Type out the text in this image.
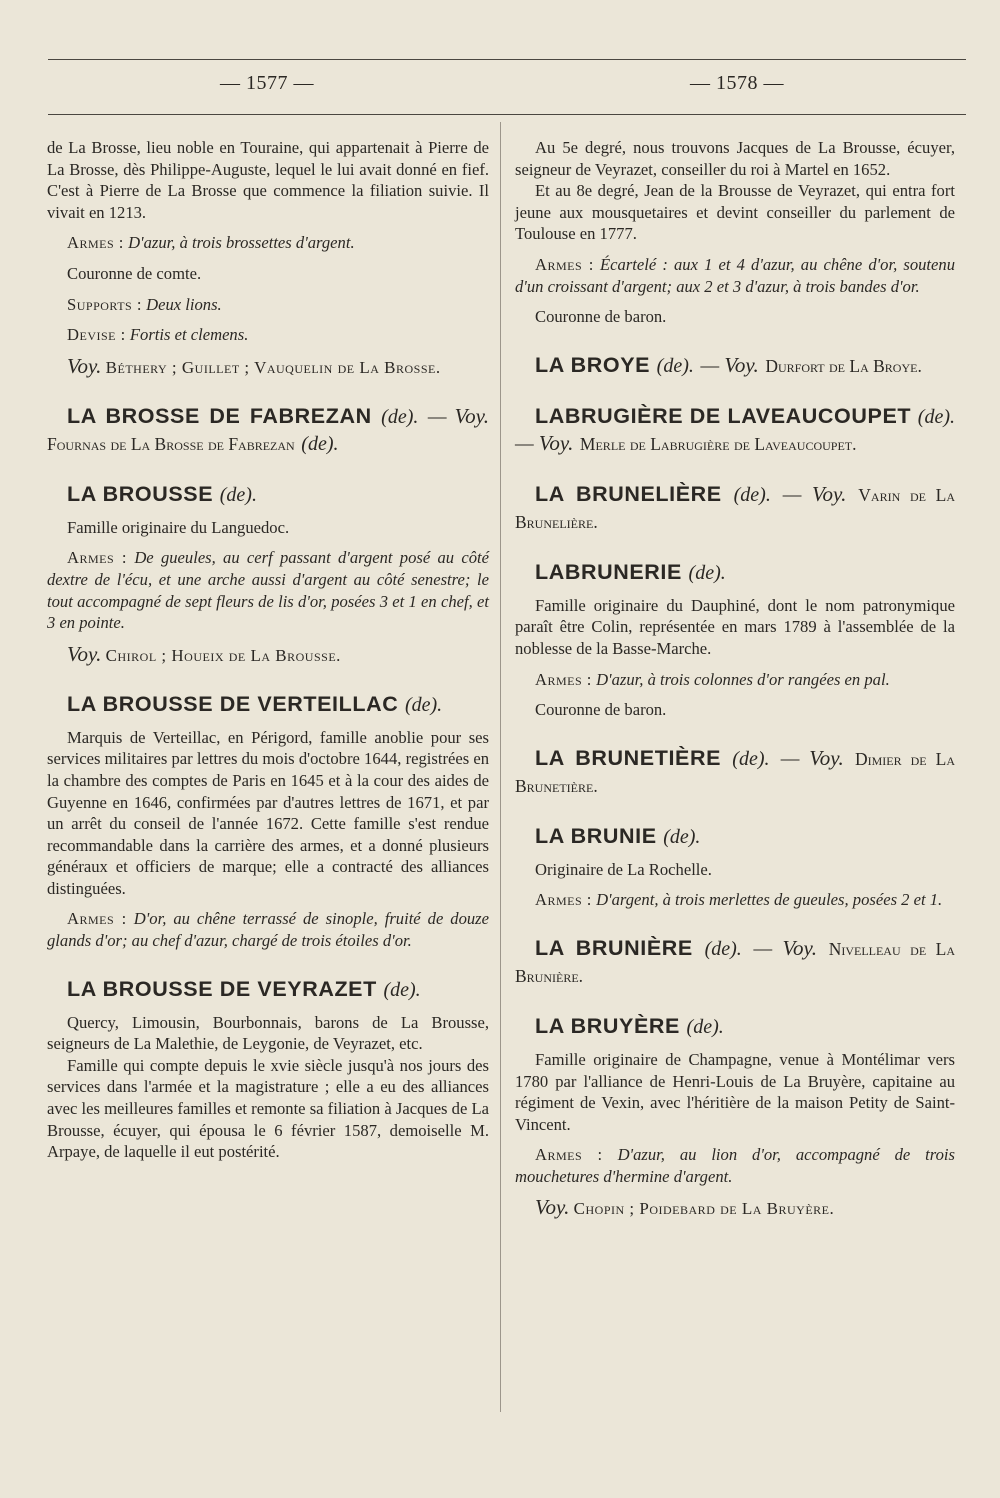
— 1577 —	— 1578 —

de La Brosse, lieu noble en Touraine, qui appartenait à Pierre de La Brosse, dès Philippe-Auguste, lequel le lui avait donné en fief. C'est à Pierre de La Brosse que commence la filiation suivie. Il vivait en 1213.

Armes : D'azur, à trois brossettes d'argent.

Couronne de comte.

Supports : Deux lions.

Devise : Fortis et clemens.

Voy. Béthery ; Guillet ; Vauquelin de La Brosse.

LA BROSSE DE FABREZAN (de). — Voy. Fournas de La Brosse de Fabrezan (de).

LA BROUSSE (de).

Famille originaire du Languedoc.

Armes : De gueules, au cerf passant d'argent posé au côté dextre de l'écu, et une arche aussi d'argent au côté senestre; le tout accompagné de sept fleurs de lis d'or, posées 3 et 1 en chef, et 3 en pointe.

Voy. Chirol ; Houeix de La Brousse.

LA BROUSSE DE VERTEILLAC (de).

Marquis de Verteillac, en Périgord, famille anoblie pour ses services militaires par lettres du mois d'octobre 1644, registrées en la chambre des comptes de Paris en 1645 et à la cour des aides de Guyenne en 1646, confirmées par d'autres lettres de 1671, et par un arrêt du conseil de l'année 1672. Cette famille s'est rendue recommandable dans la carrière des armes, et a donné plusieurs généraux et officiers de marque; elle a contracté des alliances distinguées.

Armes : D'or, au chêne terrassé de sinople, fruité de douze glands d'or; au chef d'azur, chargé de trois étoiles d'or.

LA BROUSSE DE VEYRAZET (de).

Quercy, Limousin, Bourbonnais, barons de La Brousse, seigneurs de La Malethie, de Leygonie, de Veyrazet, etc.

Famille qui compte depuis le xvie siècle jusqu'à nos jours des services dans l'armée et la magistrature ; elle a eu des alliances avec les meilleures familles et remonte sa filiation à Jacques de La Brousse, écuyer, qui épousa le 6 février 1587, demoiselle M. Arpaye, de laquelle il eut postérité.

Au 5e degré, nous trouvons Jacques de La Brousse, écuyer, seigneur de Veyrazet, conseiller du roi à Martel en 1652.

Et au 8e degré, Jean de la Brousse de Veyrazet, qui entra fort jeune aux mousquetaires et devint conseiller du parlement de Toulouse en 1777.

Armes : Écartelé : aux 1 et 4 d'azur, au chêne d'or, soutenu d'un croissant d'argent; aux 2 et 3 d'azur, à trois bandes d'or.

Couronne de baron.

LA BROYE (de). — Voy. Durfort de La Broye.

LABRUGIÈRE DE LAVEAUCOUPET (de). — Voy. Merle de Labrugière de Laveaucoupet.

LA BRUNELIÈRE (de). — Voy. Varin de La Brunelière.

LABRUNERIE (de).

Famille originaire du Dauphiné, dont le nom patronymique paraît être Colin, représentée en mars 1789 à l'assemblée de la noblesse de la Basse-Marche.

Armes : D'azur, à trois colonnes d'or rangées en pal.

Couronne de baron.

LA BRUNETIÈRE (de). — Voy. Dimier de La Brunetière.

LA BRUNIE (de).

Originaire de La Rochelle.

Armes : D'argent, à trois merlettes de gueules, posées 2 et 1.

LA BRUNIÈRE (de). — Voy. Nivelleau de La Brunière.

LA BRUYÈRE (de).

Famille originaire de Champagne, venue à Montélimar vers 1780 par l'alliance de Henri-Louis de La Bruyère, capitaine au régiment de Vexin, avec l'héritière de la maison Petity de Saint-Vincent.

Armes : D'azur, au lion d'or, accompagné de trois mouchetures d'hermine d'argent.

Voy. Chopin ; Poidebard de La Bruyère.
